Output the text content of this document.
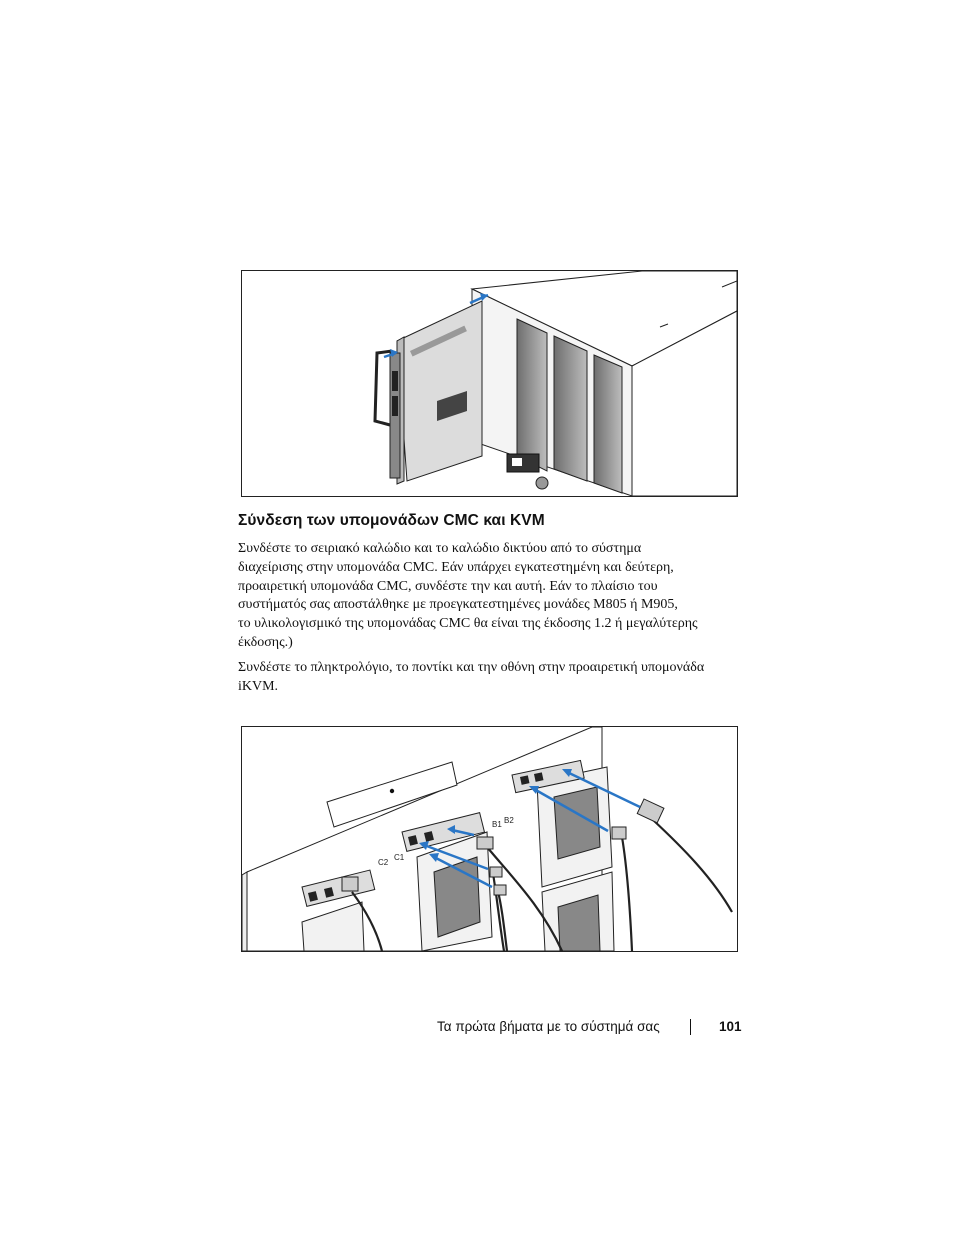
Σύνδεση των υπομονάδων CMC και KVM

Συνδέστε το σειριακό καλώδιο και το καλώδιο δικτύου από το σύστημα
διαχείρισης στην υπομονάδα CMC. Εάν υπάρχει εγκατεστημένη και δεύτερη,
προαιρετική υπομονάδα CMC, συνδέστε την και αυτή. Εάν το πλαίσιο του
συστήματός σας αποστάλθηκε με προεγκατεστημένες μονάδες M805 ή M905,
το υλικολογισμικό της υπομονάδας CMC θα είναι της έκδοσης 1.2 ή μεγαλύτερης
έκδοσης.)

Συνδέστε το πληκτρολόγιο, το ποντίκι και την οθόνη στην προαιρετική υπομονάδα
iKVM.

C1
C2
B1 B2
Τα πρώτα βήματα με το σύστημά σας	101
